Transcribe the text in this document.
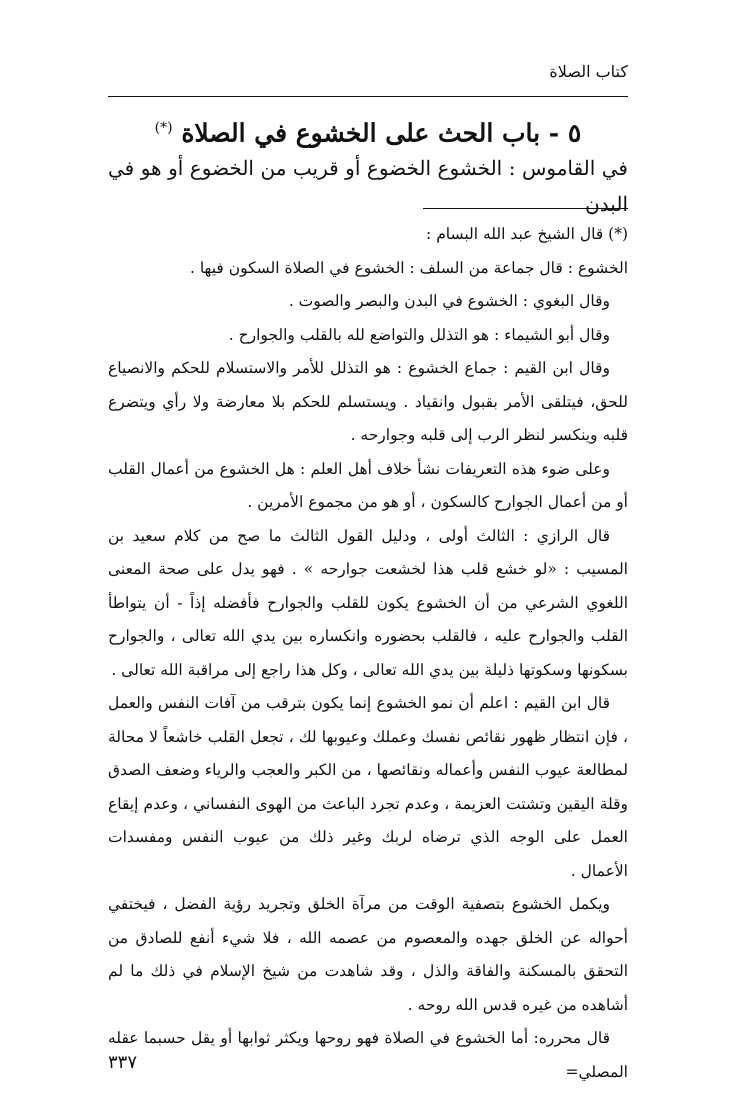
كتاب الصلاة
٥ - باب الحث على الخشوع في الصلاة (*)
في القاموس : الخشوع الخضوع أو قريب من الخضوع أو هو في البدن

(*) قال الشيخ عبد الله البسام :

الخشوع : قال جماعة من السلف : الخشوع في الصلاة السكون فيها .

وقال البغوي : الخشوع في البدن والبصر والصوت .

وقال أبو الشيماء : هو التذلل والتواضع لله بالقلب والجوارح .

وقال ابن القيم : جماع الخشوع : هو التذلل للأمر والاستسلام للحكم والانصياع للحق، فيتلقى الأمر بقبول وانقياد . ويستسلم للحكم بلا معارضة ولا رأي ويتضرع قلبه وينكسر لنظر الرب إلى قلبه وجوارحه .

وعلى ضوء هذه التعريفات نشأ خلاف أهل العلم : هل الخشوع من أعمال القلب أو من أعمال الجوارح كالسكون ، أو هو من مجموع الأمرين .

قال الرازي : الثالث أولى ، ودليل القول الثالث ما صح من كلام سعيد بن المسيب : «لو خشع قلب هذا لخشعت جوارحه » . فهو يدل على صحة المعنى اللغوي الشرعي من أن الخشوع يكون للقلب والجوارح فأفضله إذاً - أن يتواطأ القلب والجوارح عليه ، فالقلب بحضوره وانكساره بين يدي الله تعالى ، والجوارح بسكونها وسكوتها ذليلة بين يدي الله تعالى ، وكل هذا راجع إلى مراقبة الله تعالى .

قال ابن القيم : اعلم أن نمو الخشوع إنما يكون بترقب من آفات النفس والعمل ، فإن انتظار ظهور نقائص نفسك وعملك وعيوبها لك ، تجعل القلب خاشعاً لا محالة لمطالعة عيوب النفس وأعماله ونقائصها ، من الكبر والعجب والرياء وضعف الصدق وقلة اليقين وتشتت العزيمة ، وعدم تجرد الباعث من الهوى النفساني ، وعدم إيقاع العمل على الوجه الذي ترضاه لربك وغير ذلك من عيوب النفس ومفسدات الأعمال .

ويكمل الخشوع بتصفية الوقت من مرآة الخلق وتجريد رؤية الفضل ، فيختفي أحواله عن الخلق جهده والمعصوم من عصمه الله ، فلا شيء أنفع للصادق من التحقق بالمسكنة والفاقة والذل ، وقد شاهدت من شيخ الإسلام في ذلك ما لم أشاهده من غيره قدس الله روحه .

قال محرره: أما الخشوع في الصلاة فهو روحها ويكثر ثوابها أو يقل حسبما عقله المصلي=

٣٣٧
